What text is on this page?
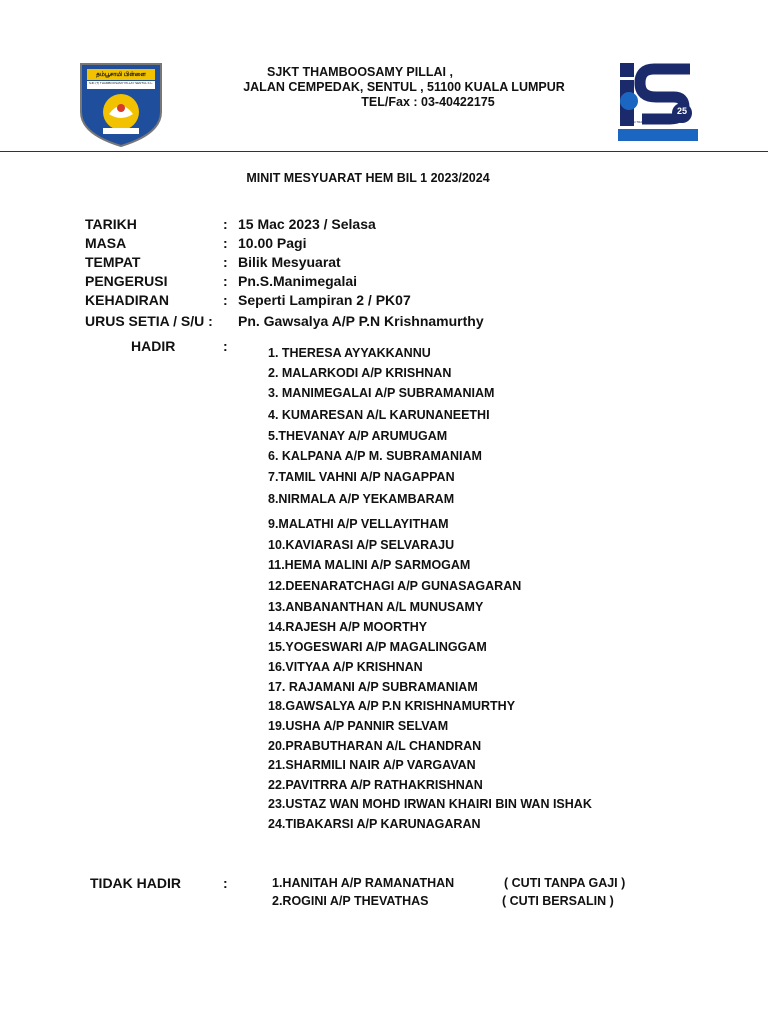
தம்பூசாமி பிள்ளை
SJK (T) THAMBOOSAMY PILLAY SENTUL K.L.
SJKT THAMBOOSAMY PILLAI ,
JALAN CEMPEDAK, SENTUL , 51100 KUALA LUMPUR
TEL/Fax : 03-40422175
25
PROGRAM TRANSFORMASI SEKOLAH 2025
MINIT MESYUARAT HEM BIL 1 2023/2024
TARIKH	: 15 Mac 2023 / Selasa
MASA	: 10.00 Pagi
TEMPAT	: Bilik Mesyuarat
PENGERUSI	: Pn.S.Manimegalai
KEHADIRAN	: Seperti Lampiran 2 / PK07
URUS SETIA / S/U : Pn. Gawsalya A/P P.N Krishnamurthy
HADIR	:	1. THERESA AYYAKKANNU
2. MALARKODI A/P KRISHNAN
3. MANIMEGALAI A/P SUBRAMANIAM
4. KUMARESAN A/L KARUNANEETHI
5.THEVANAY A/P ARUMUGAM
6. KALPANA A/P M. SUBRAMANIAM
7.TAMIL VAHNI A/P NAGAPPAN
8.NIRMALA A/P YEKAMBARAM
9.MALATHI A/P VELLAYITHAM
10.KAVIARASI A/P SELVARAJU
11.HEMA MALINI A/P SARMOGAM
12.DEENARATCHAGI A/P GUNASAGARAN
13.ANBANANTHAN A/L MUNUSAMY
14.RAJESH A/P MOORTHY
15.YOGESWARI A/P MAGALINGGAM
16.VITYAA A/P KRISHNAN
17. RAJAMANI A/P SUBRAMANIAM
18.GAWSALYA A/P P.N KRISHNAMURTHY
19.USHA A/P PANNIR SELVAM
20.PRABUTHARAN A/L CHANDRAN
21.SHARMILI NAIR A/P VARGAVAN
22.PAVITRRA A/P RATHAKRISHNAN
23.USTAZ WAN MOHD IRWAN KHAIRI BIN WAN ISHAK
24.TIBAKARSI A/P KARUNAGARAN
TIDAK HADIR	:	1.HANITAH A/P RAMANATHAN	( CUTI TANPA GAJI )
2.ROGINI A/P THEVATHAS	( CUTI BERSALIN )
